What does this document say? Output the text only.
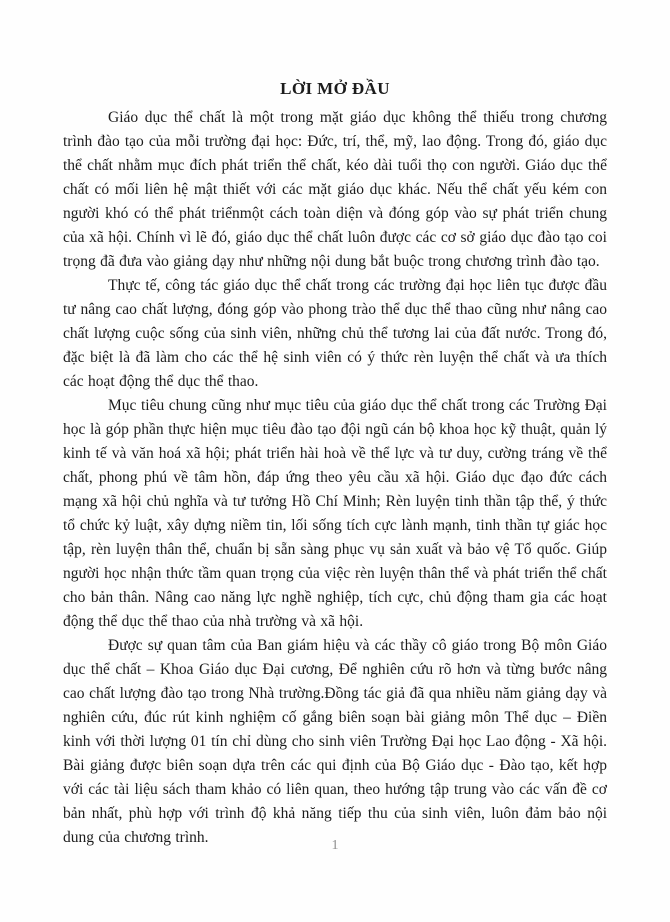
LỜI MỞ ĐẦU

Giáo dục thể chất là một trong mặt giáo dục không thể thiếu trong chương trình đào tạo của mỗi trường đại học: Đức, trí, thể, mỹ, lao động. Trong đó, giáo dục thể chất nhằm mục đích phát triển thể chất, kéo dài tuổi thọ con người. Giáo dục thể chất có mối liên hệ mật thiết với các mặt giáo dục khác. Nếu thể chất yếu kém con người khó có thể phát triểnmột cách toàn diện và đóng góp vào sự phát triển chung của xã hội. Chính vì lẽ đó, giáo dục thể chất luôn được các cơ sở giáo dục đào tạo coi trọng đã đưa vào giảng dạy như những nội dung bắt buộc trong chương trình đào tạo.

Thực tế, công tác giáo dục thể chất trong các trường đại học liên tục được đầu tư nâng cao chất lượng, đóng góp vào phong trào thể dục thể thao cũng như nâng cao chất lượng cuộc sống của sinh viên, những chủ thể tương lai của đất nước. Trong đó, đặc biệt là đã làm cho các thể hệ sinh viên có ý thức rèn luyện thể chất và ưa thích các hoạt động thể dục thể thao.

Mục tiêu chung cũng như mục tiêu của giáo dục thể chất trong các Trường Đại học là góp phần thực hiện mục tiêu đào tạo đội ngũ cán bộ khoa học kỹ thuật, quản lý kinh tế và văn hoá xã hội; phát triển hài hoà về thể lực và tư duy, cường tráng về thể chất, phong phú về tâm hồn, đáp ứng theo yêu cầu xã hội. Giáo dục đạo đức cách mạng xã hội chủ nghĩa và tư tưởng Hồ Chí Minh; Rèn luyện tinh thần tập thể, ý thức tổ chức kỷ luật, xây dựng niềm tin, lối sống tích cực lành mạnh, tinh thần tự giác học tập, rèn luyện thân thể, chuẩn bị sẵn sàng phục vụ sản xuất và bảo vệ Tổ quốc. Giúp người học nhận thức tầm quan trọng của việc rèn luyện thân thể và phát triển thể chất cho bản thân. Nâng cao năng lực nghề nghiệp, tích cực, chủ động tham gia các hoạt động thể dục thể thao của nhà trường và xã hội.

Được sự quan tâm của Ban giám hiệu và các thầy cô giáo trong Bộ môn Giáo dục thể chất – Khoa Giáo dục Đại cương, Để nghiên cứu rõ hơn và từng bước nâng cao chất lượng đào tạo trong Nhà trường.Đồng tác giả đã qua nhiều năm giảng dạy và nghiên cứu, đúc rút kinh nghiệm cố gắng biên soạn bài giảng môn Thể dục – Điền kinh với thời lượng 01 tín chỉ dùng cho sinh viên Trường Đại học Lao động - Xã hội. Bài giảng được biên soạn dựa trên các qui định của Bộ Giáo dục - Đào tạo, kết hợp với các tài liệu sách tham khảo có liên quan, theo hướng tập trung vào các vấn đề cơ bản nhất, phù hợp với trình độ khả năng tiếp thu của sinh viên, luôn đảm bảo nội dung của chương trình.	1
